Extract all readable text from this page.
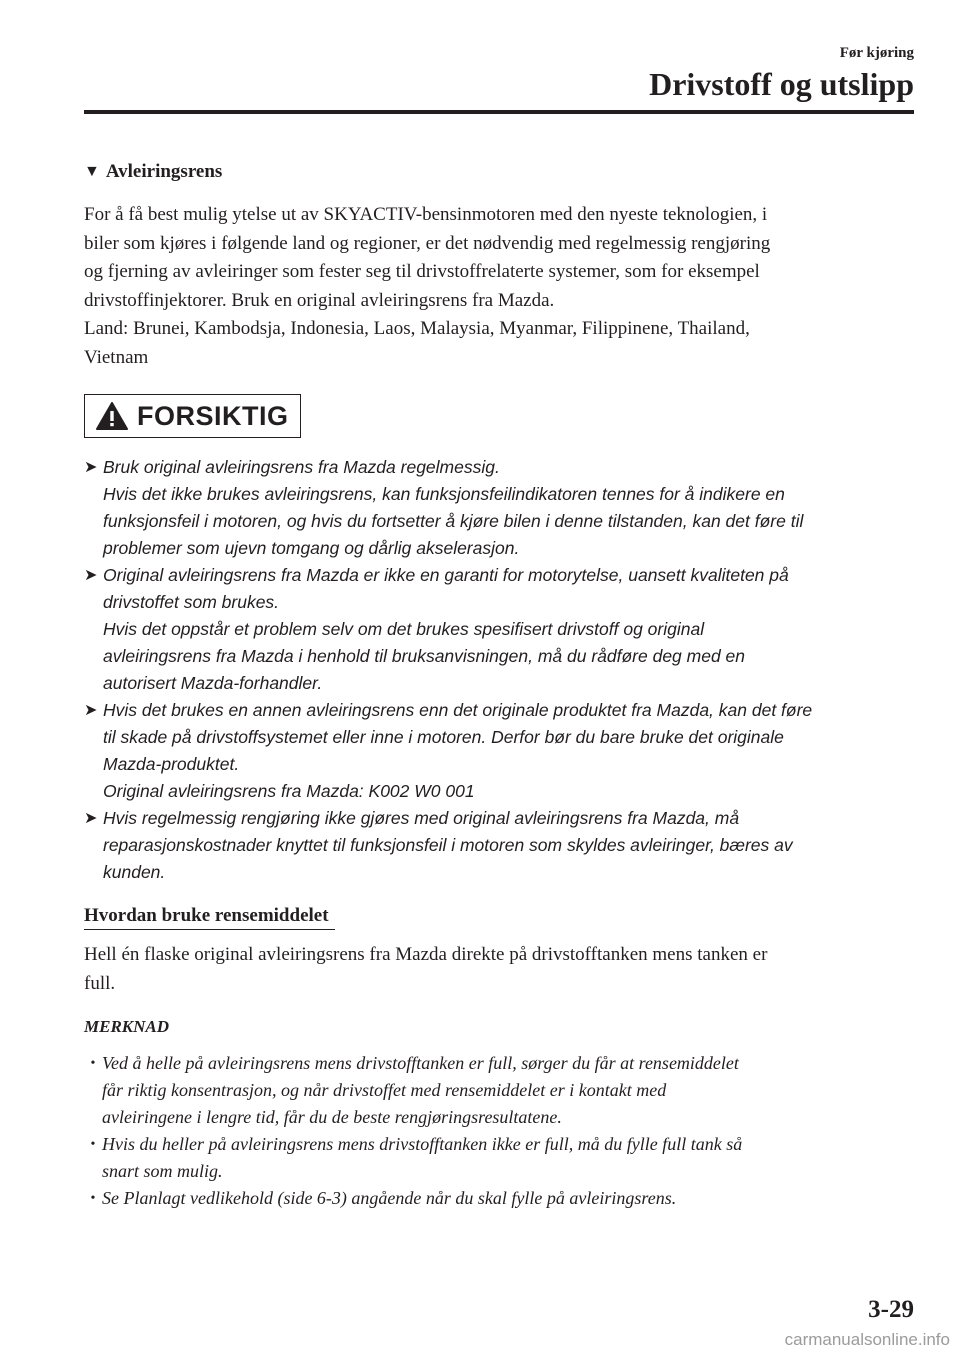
Før kjøring
Drivstoff og utslipp
▼ Avleiringsrens

For å få best mulig ytelse ut av SKYACTIV-bensinmotoren med den nyeste teknologien, i

biler som kjøres i følgende land og regioner, er det nødvendig med regelmessig rengjøring

og fjerning av avleiringer som fester seg til drivstoffrelaterte systemer, som for eksempel

drivstoffinjektorer. Bruk en original avleiringsrens fra Mazda.

Land: Brunei, Kambodsja, Indonesia, Laos, Malaysia, Myanmar, Filippinene, Thailand,

Vietnam

FORSIKTIG
➤ Bruk original avleiringsrens fra Mazda regelmessig.

Hvis det ikke brukes avleiringsrens, kan funksjonsfeilindikatoren tennes for å indikere en

funksjonsfeil i motoren, og hvis du fortsetter å kjøre bilen i denne tilstanden, kan det føre til

problemer som ujevn tomgang og dårlig akselerasjon.

➤ Original avleiringsrens fra Mazda er ikke en garanti for motorytelse, uansett kvaliteten på

drivstoffet som brukes.

Hvis det oppstår et problem selv om det brukes spesifisert drivstoff og original

avleiringsrens fra Mazda i henhold til bruksanvisningen, må du rådføre deg med en

autorisert Mazda-forhandler.

➤ Hvis det brukes en annen avleiringsrens enn det originale produktet fra Mazda, kan det føre

til skade på drivstoffsystemet eller inne i motoren. Derfor bør du bare bruke det originale

Mazda-produktet.

Original avleiringsrens fra Mazda: K002 W0 001

➤ Hvis regelmessig rengjøring ikke gjøres med original avleiringsrens fra Mazda, må

reparasjonskostnader knyttet til funksjonsfeil i motoren som skyldes avleiringer, bæres av

kunden.

Hvordan bruke rensemiddelet

Hell én flaske original avleiringsrens fra Mazda direkte på drivstofftanken mens tanken er

full.

MERKNAD
• Ved å helle på avleiringsrens mens drivstofftanken er full, sørger du får at rensemiddelet

får riktig konsentrasjon, og når drivstoffet med rensemiddelet er i kontakt med

avleiringene i lengre tid, får du de beste rengjøringsresultatene.

• Hvis du heller på avleiringsrens mens drivstofftanken ikke er full, må du fylle full tank så

snart som mulig.

• Se Planlagt vedlikehold (side 6-3) angående når du skal fylle på avleiringsrens.

3-29
carmanualsonline.info
